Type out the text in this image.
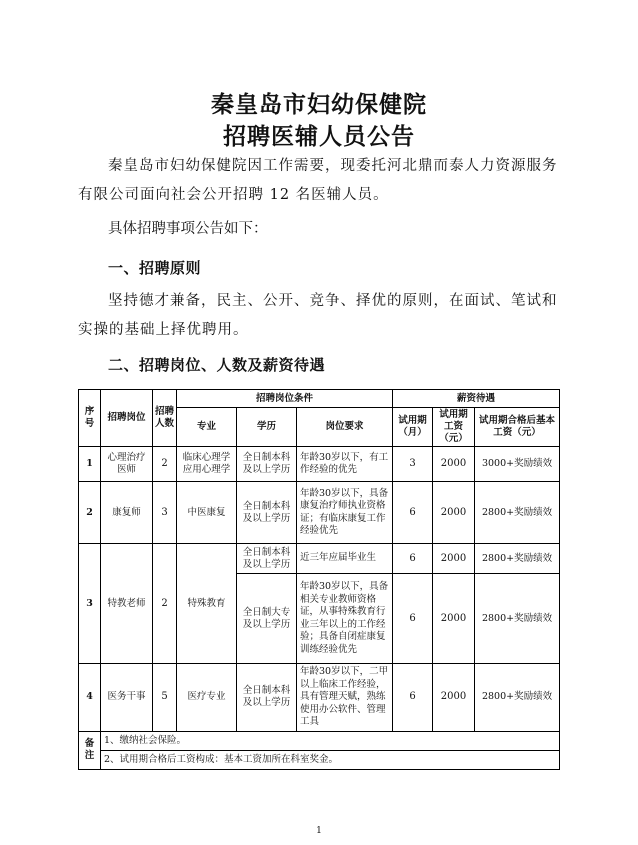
秦皇岛市妇幼保健院
招聘医辅人员公告
秦皇岛市妇幼保健院因工作需要，现委托河北鼎而泰人力资源服务有限公司面向社会公开招聘 12 名医辅人员。
具体招聘事项公告如下：
一、招聘原则
坚持德才兼备，民主、公开、竞争、择优的原则，在面试、笔试和实操的基础上择优聘用。
二、招聘岗位、人数及薪资待遇
序号	招聘岗位	招聘人数	招聘岗位条件			薪资待遇		
			专业	学历	岗位要求	试用期（月）	试用期工资（元）	试用期合格后基本工资（元）
1	心理治疗医师	2	临床心理学应用心理学	全日制本科及以上学历	年龄30岁以下，有工作经验的优先	3	2000	3000+奖励绩效
2	康复师	3	中医康复	全日制本科及以上学历	年龄30岁以下，具备康复治疗师执业资格证；有临床康复工作经验优先	6	2000	2800+奖励绩效
3	特教老师	2	特殊教育	全日制本科及以上学历	近三年应届毕业生	6	2000	2800+奖励绩效
				全日制大专及以上学历	年龄30岁以下，具备相关专业教师资格证，从事特殊教育行业三年以上的工作经验；具备自闭症康复训练经验优先	6	2000	2800+奖励绩效
4	医务干事	5	医疗专业	全日制本科及以上学历	年龄30岁以下，二甲以上临床工作经验，具有管理天赋，熟练使用办公软件、管理工具	6	2000	2800+奖励绩效
备注	1、缴纳社会保险。							
	2、试用期合格后工资构成：基本工资加所在科室奖金。							
1
